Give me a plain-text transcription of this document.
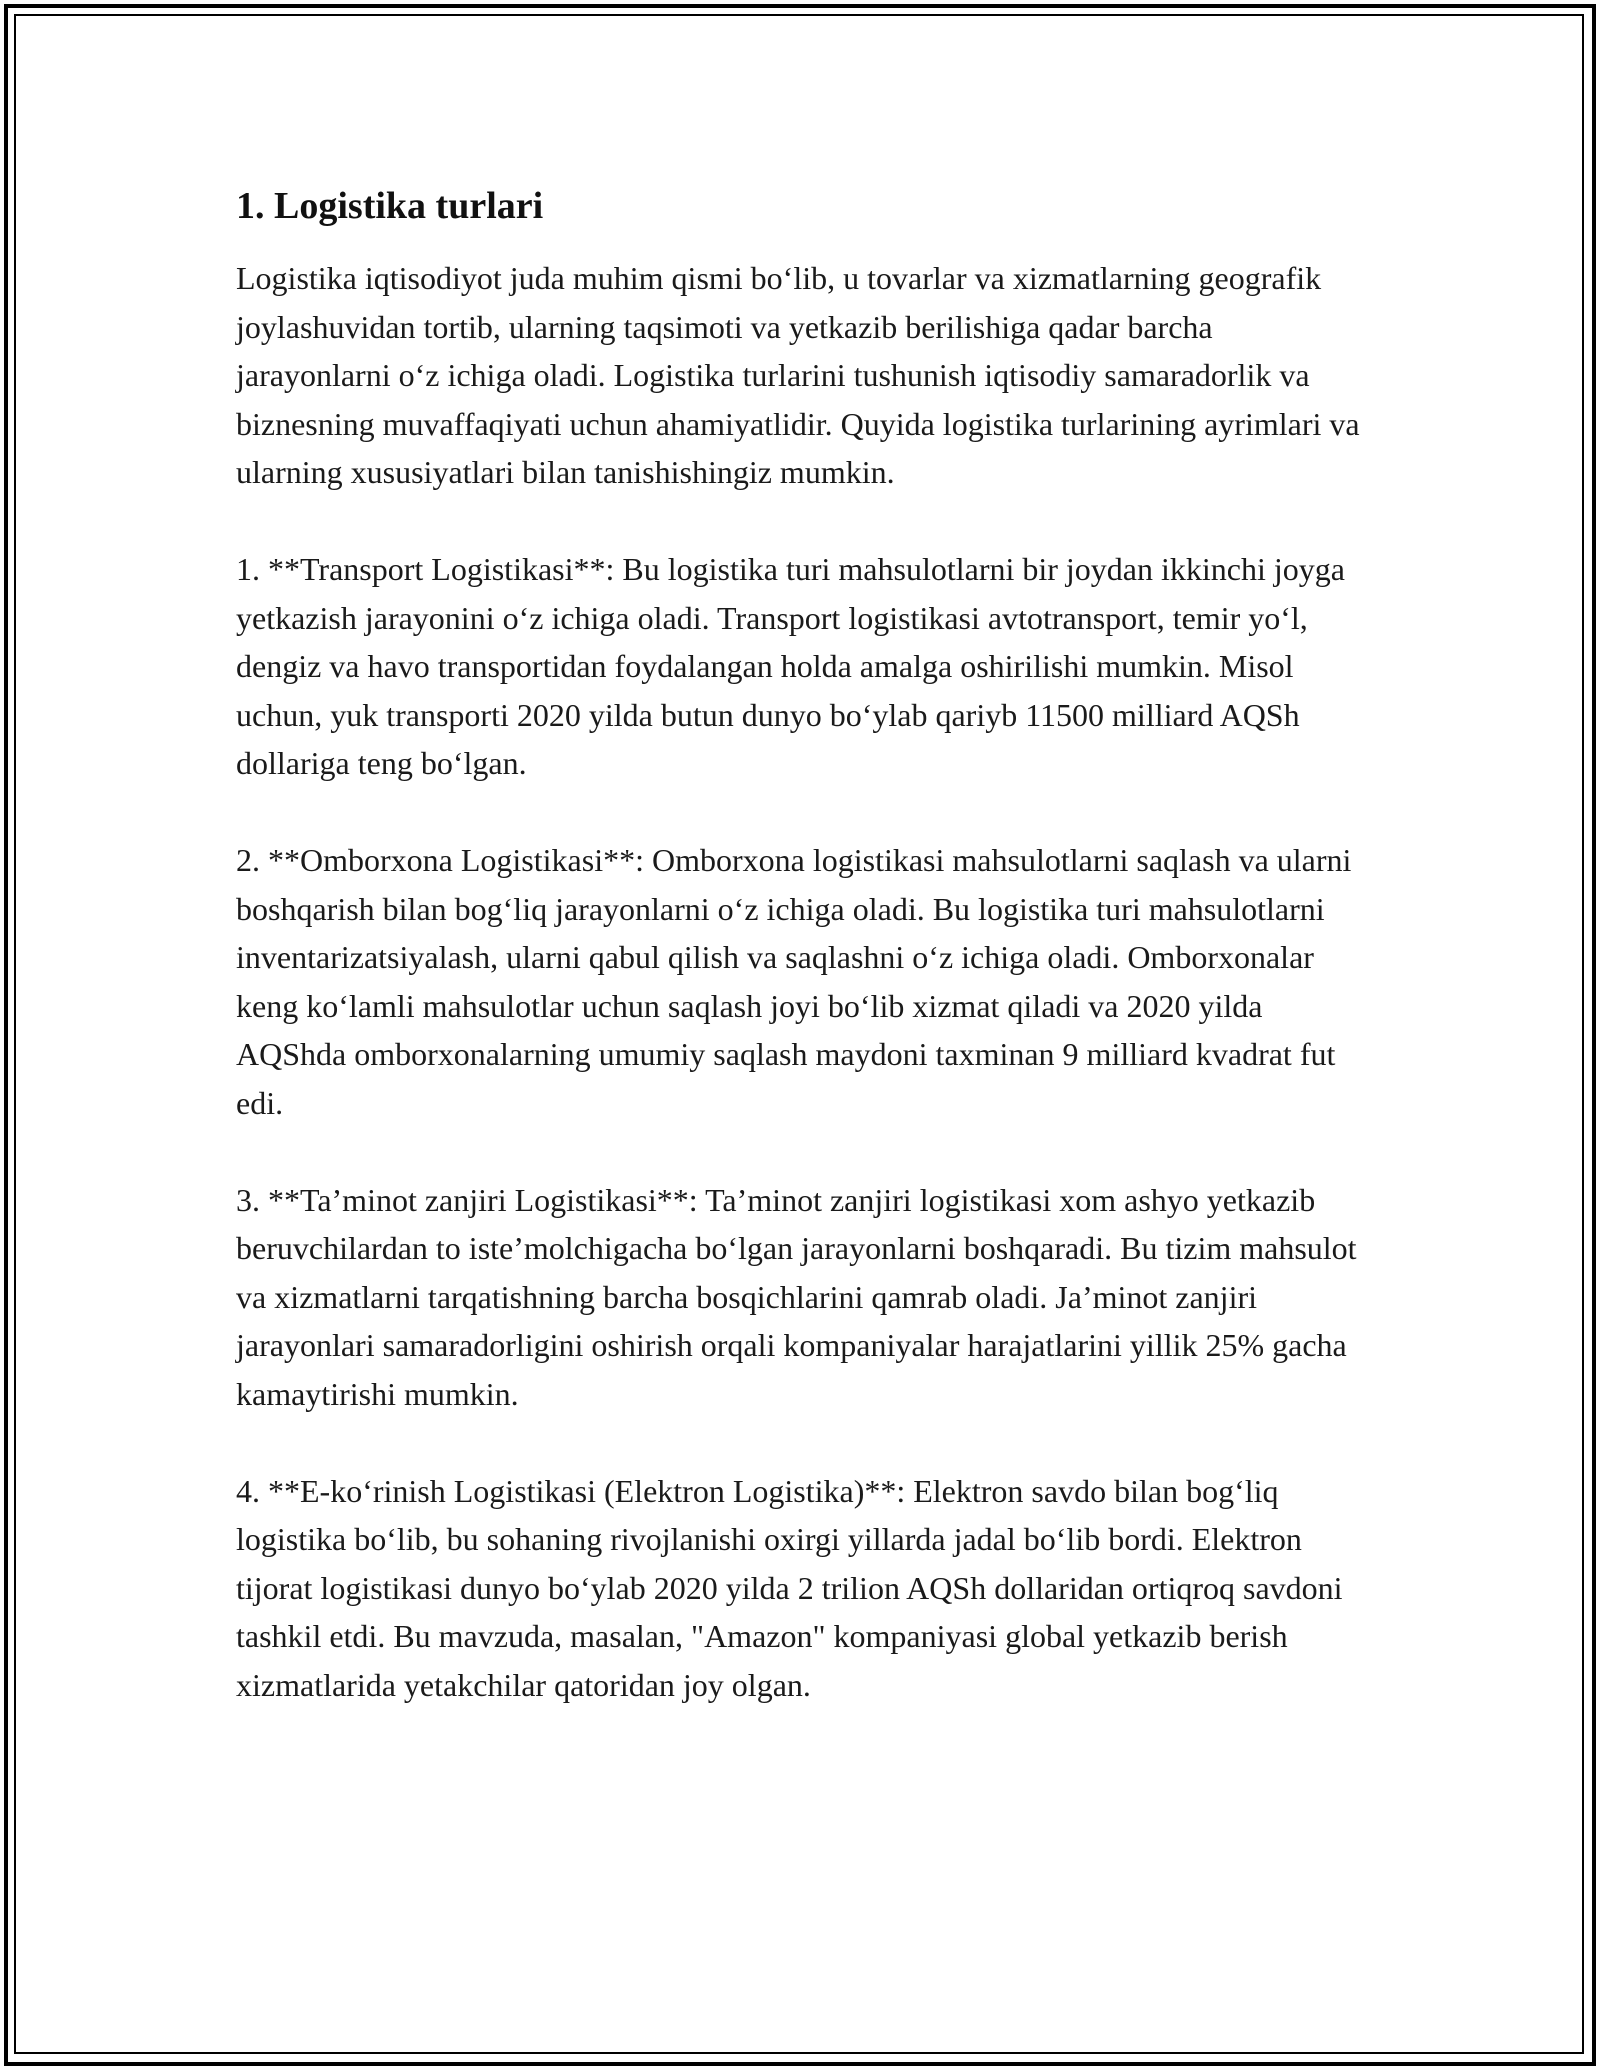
1. Logistika turlari

Logistika iqtisodiyot juda muhim qismi bo‘lib, u tovarlar va xizmatlarning geografik joylashuvidan tortib, ularning taqsimoti va yetkazib berilishiga qadar barcha jarayonlarni o‘z ichiga oladi. Logistika turlarini tushunish iqtisodiy samaradorlik va biznesning muvaffaqiyati uchun ahamiyatlidir. Quyida logistika turlarining ayrimlari va ularning xususiyatlari bilan tanishishingiz mumkin.

1. **Transport Logistikasi**: Bu logistika turi mahsulotlarni bir joydan ikkinchi joyga yetkazish jarayonini o‘z ichiga oladi. Transport logistikasi avtotransport, temir yo‘l, dengiz va havo transportidan foydalangan holda amalga oshirilishi mumkin. Misol uchun, yuk transporti 2020 yilda butun dunyo bo‘ylab qariyb 11500 milliard AQSh dollariga teng bo‘lgan.

2. **Omborxona Logistikasi**: Omborxona logistikasi mahsulotlarni saqlash va ularni boshqarish bilan bog‘liq jarayonlarni o‘z ichiga oladi. Bu logistika turi mahsulotlarni inventarizatsiyalash, ularni qabul qilish va saqlashni o‘z ichiga oladi. Omborxonalar keng ko‘lamli mahsulotlar uchun saqlash joyi bo‘lib xizmat qiladi va 2020 yilda AQShda omborxonalarning umumiy saqlash maydoni taxminan 9 milliard kvadrat fut edi.

3. **Ta’minot zanjiri Logistikasi**: Ta’minot zanjiri logistikasi xom ashyo yetkazib beruvchilardan to iste’molchigacha bo‘lgan jarayonlarni boshqaradi. Bu tizim mahsulot va xizmatlarni tarqatishning barcha bosqichlarini qamrab oladi. Ja’minot zanjiri jarayonlari samaradorligini oshirish orqali kompaniyalar harajatlarini yillik 25% gacha kamaytirishi mumkin.

4. **E-ko‘rinish Logistikasi (Elektron Logistika)**: Elektron savdo bilan bog‘liq logistika bo‘lib, bu sohaning rivojlanishi oxirgi yillarda jadal bo‘lib bordi. Elektron tijorat logistikasi dunyo bo‘ylab 2020 yilda 2 trilion AQSh dollaridan ortiqroq savdoni tashkil etdi. Bu mavzuda, masalan, "Amazon" kompaniyasi global yetkazib berish xizmatlarida yetakchilar qatoridan joy olgan.
